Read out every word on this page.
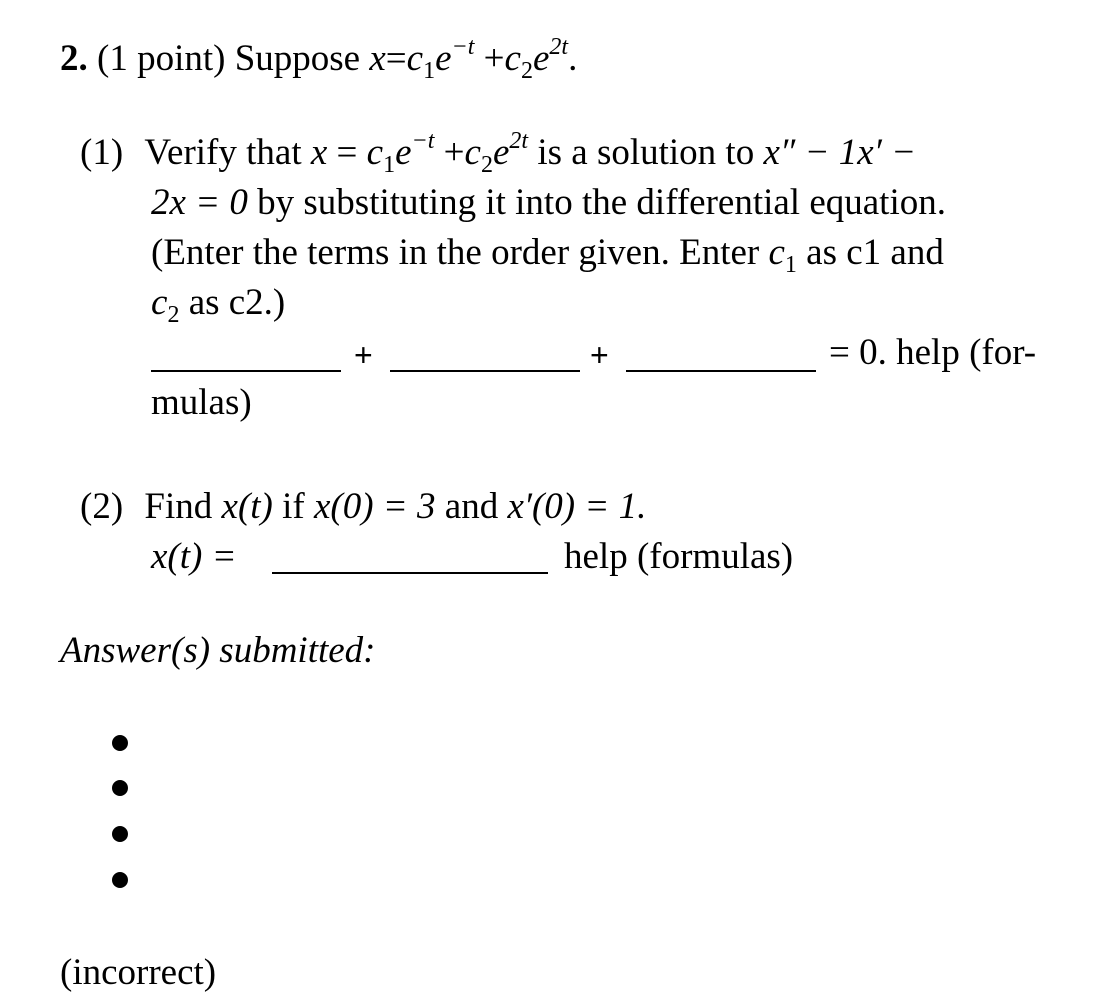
2. (1 point) Suppose $x=c_1e^{-t} +c_2e^{2t}$.
(1) Verify that $x = c_1e^{-t} +c_2e^{2t}$ is a solution to x″ − 1x′ −
2x = 0 by substituting it into the differential equation.
(Enter the terms in the order given. Enter $c_1$ as c1 and
$c_2$ as c2.)
+	+	= 0. help (for-
mulas)
(2) Find x(t) if x(0) = 3 and x′(0) = 1.
x(t) =	help (formulas)
Answer(s) submitted:
(incorrect)
